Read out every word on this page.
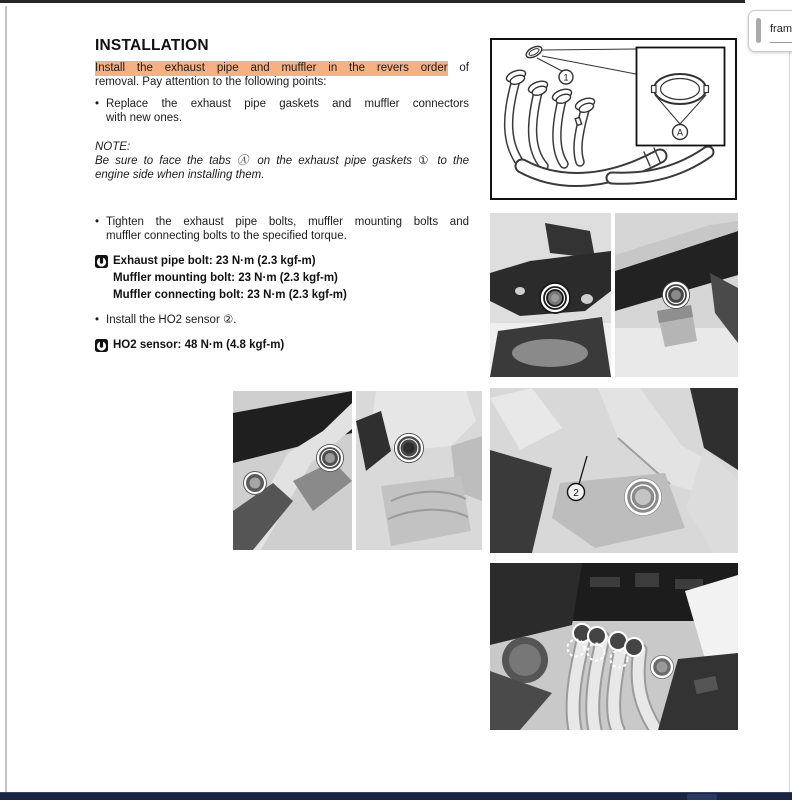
fram
INSTALLATION
Install the exhaust pipe and muffler in the revers order of
removal. Pay attention to the following points:
• Replace the exhaust pipe gaskets and muffler connectors
with new ones.
NOTE:
Be sure to face the tabs Ⓐ on the exhaust pipe gaskets ① to the
engine side when installing them.
• Tighten the exhaust pipe bolts, muffler mounting bolts and
muffler connecting bolts to the specified torque.
Exhaust pipe bolt: 23 N·m (2.3 kgf-m)
Muffler mounting bolt: 23 N·m (2.3 kgf-m)
Muffler connecting bolt: 23 N·m (2.3 kgf-m)
• Install the HO2 sensor ②.
HO2 sensor: 48 N·m (4.8 kgf-m)
1
A
2
